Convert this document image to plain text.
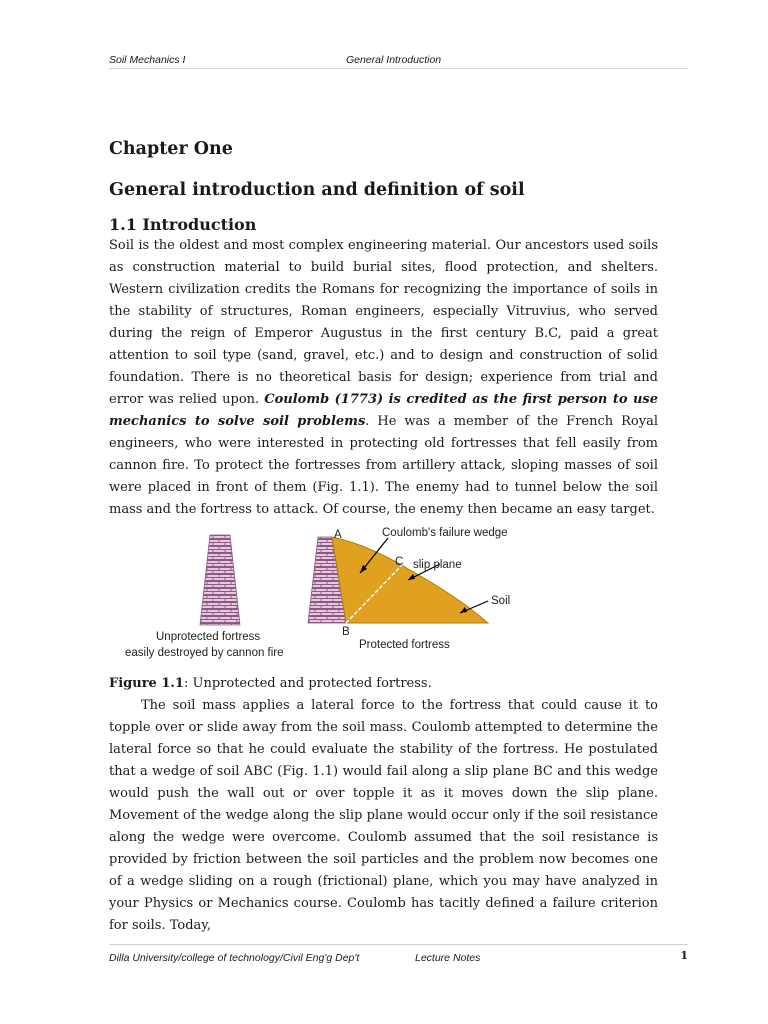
Soil Mechanics I	General Introduction
Chapter One
General introduction and definition of soil
1.1 Introduction

Soil is the oldest and most complex engineering material. Our ancestors used soils as construction material to build burial sites, flood protection, and shelters. Western civilization credits the Romans for recognizing the importance of soils in the stability of structures, Roman engineers, especially Vitruvius, who served during the reign of Emperor Augustus in the first century B.C, paid a great attention to soil type (sand, gravel, etc.) and to design and construction of solid foundation. There is no theoretical basis for design; experience from trial and error was relied upon. Coulomb (1773) is credited as the first person to use mechanics to solve soil problems. He was a member of the French Royal engineers, who were interested in protecting old fortresses that fell easily from cannon fire. To protect the fortresses from artillery attack, sloping masses of soil were placed in front of them (Fig. 1.1). The enemy had to tunnel below the soil mass and the fortress to attack. Of course, the enemy then became an easy target.

A
B
C
Coulomb's failure wedge
slip plane
Soil
Unprotected fortress
easily destroyed by cannon fire
Protected fortress

Figure 1.1: Unprotected and protected fortress.

The soil mass applies a lateral force to the fortress that could cause it to topple over or slide away from the soil mass. Coulomb attempted to determine the lateral force so that he could evaluate the stability of the fortress. He postulated that a wedge of soil ABC (Fig. 1.1) would fail along a slip plane BC and this wedge would push the wall out or over topple it as it moves down the slip plane. Movement of the wedge along the slip plane would occur only if the soil resistance along the wedge were overcome. Coulomb assumed that the soil resistance is provided by friction between the soil particles and the problem now becomes one of a wedge sliding on a rough (frictional) plane, which you may have analyzed in your Physics or Mechanics course. Coulomb has tacitly defined a failure criterion for soils. Today,

Dilla University/college of technology/Civil Eng'g Dep't	Lecture Notes	1
